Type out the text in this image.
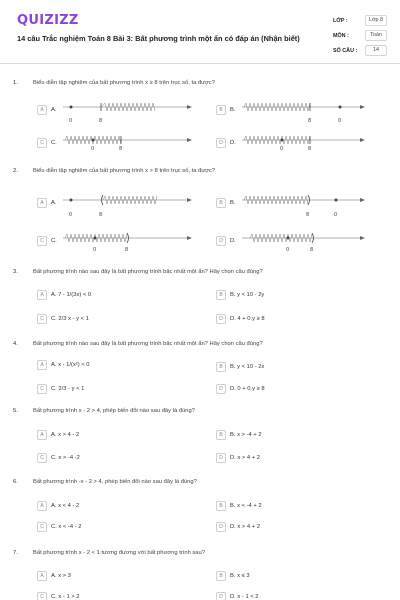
QUIZIZZ
14 câu Trắc nghiệm Toán 8 Bài 3: Bất phương trình một ẩn có đáp án (Nhận biết)
LỚP :	Lớp 8
MÔN :	Toán
SỐ CÂU :	14
1.	Biểu diễn tập nghiệm của bất phương trình x ≥ 8 trên trục số, ta được?
A	A.
0	8
B	B.
8	0
C	C.
0	8
D	D.
0	8
2.	Biểu diễn tập nghiệm của bất phương trình x > 8 trên trục số, ta được?
A	A.
0	8
B	B.
8	0
C	C.
0	8
D	D.
0	8
3.	Bất phương trình nào sau đây là bất phương trình bậc nhất một ẩn? Hãy chọn câu đúng?
A	A. 7 - 1/(3x) < 0	B	B. y < 10 - 2y
C	C. 2/3 x - y < 1	D	D. 4 + 0.y ≥ 8
4.	Bất phương trình nào sau đây là bất phương trình bậc nhất một ẩn? Hãy chọn câu đúng?
A	A. x - 1/(x²) < 0	B	B. y < 10 - 2x
C	C. 2/3 - y < 1	D	D. 0 + 0.y ≥ 8
5.	Bất phương trình x - 2 > 4, phép biến đổi nào sau đây là đúng?
A	A. x > 4 - 2	B	B. x > -4 + 2
C	C. x > -4 -2	D	D. x > 4 + 2
6.	Bất phương trình -x - 2 > 4, phép biến đổi nào sau đây là đúng?
A	A. x < 4 - 2	B	B. x < -4 + 2
C	C. x < -4 - 2	D	D. x > 4 + 2
7.	Bất phương trình x - 2 < 1 tương đương với bất phương trình sau?
A	A. x > 3	B	B. x ≤ 3
C	C. x - 1 > 2	D	D. x - 1 < 2
